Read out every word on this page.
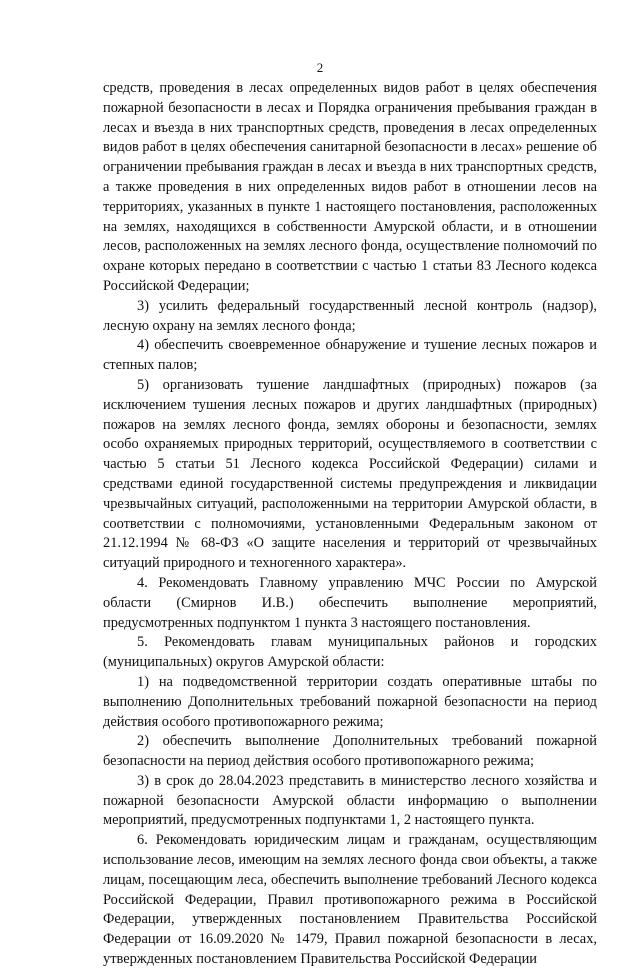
2

средств, проведения в лесах определенных видов работ в целях обеспечения пожарной безопасности в лесах и Порядка ограничения пребывания граждан в лесах и въезда в них транспортных средств, проведения в лесах определенных видов работ в целях обеспечения санитарной безопасности в лесах» решение об ограничении пребывания граждан в лесах и въезда в них транспортных средств, а также проведения в них определенных видов работ в отношении лесов на территориях, указанных в пункте 1 настоящего постановления, расположенных на землях, находящихся в собственности Амурской области, и в отношении лесов, расположенных на землях лесного фонда, осуществление полномочий по охране которых передано в соответствии с частью 1 статьи 83 Лесного кодекса Российской Федерации;

3) усилить федеральный государственный лесной контроль (надзор), лесную охрану на землях лесного фонда;

4) обеспечить своевременное обнаружение и тушение лесных пожаров и степных палов;

5) организовать тушение ландшафтных (природных) пожаров (за исключением тушения лесных пожаров и других ландшафтных (природных) пожаров на землях лесного фонда, землях обороны и безопасности, землях особо охраняемых природных территорий, осуществляемого в соответствии с частью 5 статьи 51 Лесного кодекса Российской Федерации) силами и средствами единой государственной системы предупреждения и ликвидации чрезвычайных ситуаций, расположенными на территории Амурской области, в соответствии с полномочиями, установленными Федеральным законом от 21.12.1994 № 68-ФЗ «О защите населения и территорий от чрезвычайных ситуаций природного и техногенного характера».

4. Рекомендовать Главному управлению МЧС России по Амурской области (Смирнов И.В.) обеспечить выполнение мероприятий, предусмотренных подпунктом 1 пункта 3 настоящего постановления.

5. Рекомендовать главам муниципальных районов и городских (муниципальных) округов Амурской области:

1) на подведомственной территории создать оперативные штабы по выполнению Дополнительных требований пожарной безопасности на период действия особого противопожарного режима;

2) обеспечить выполнение Дополнительных требований пожарной безопасности на период действия особого противопожарного режима;

3) в срок до 28.04.2023 представить в министерство лесного хозяйства и пожарной безопасности Амурской области информацию о выполнении мероприятий, предусмотренных подпунктами 1, 2 настоящего пункта.

6. Рекомендовать юридическим лицам и гражданам, осуществляющим использование лесов, имеющим на землях лесного фонда свои объекты, а также лицам, посещающим леса, обеспечить выполнение требований Лесного кодекса Российской Федерации, Правил противопожарного режима в Российской Федерации, утвержденных постановлением Правительства Российской Федерации от 16.09.2020 № 1479, Правил пожарной безопасности в лесах, утвержденных постановлением Правительства Российской Федерации
